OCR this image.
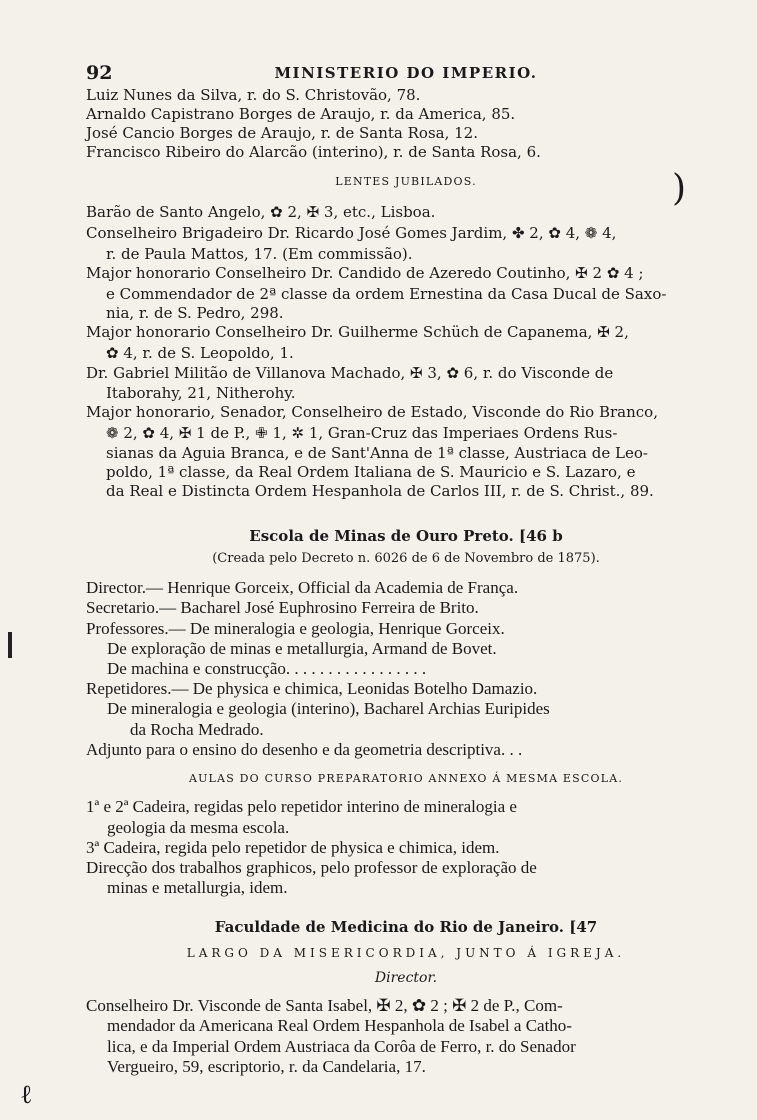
92	MINISTERIO DO IMPERIO.
Luiz Nunes da Silva, r. do S. Christovão, 78.
Arnaldo Capistrano Borges de Araujo, r. da America, 85.
José Cancio Borges de Araujo, r. de Santa Rosa, 12.
Francisco Ribeiro do Alarcão (interino), r. de Santa Rosa, 6.
LENTES JUBILADOS.	)
Barão de Santo Angelo, ✿ 2, ✠ 3, etc., Lisboa.
Conselheiro Brigadeiro Dr. Ricardo José Gomes Jardim, ✤ 2, ✿ 4, ❁ 4,
r. de Paula Mattos, 17. (Em commissão).
Major honorario Conselheiro Dr. Candido de Azeredo Coutinho, ✠ 2 ✿ 4 ;
e Commendador de 2ª classe da ordem Ernestina da Casa Ducal de Saxo-
nia, r. de S. Pedro, 298.
Major honorario Conselheiro Dr. Guilherme Schüch de Capanema, ✠ 2,
✿ 4, r. de S. Leopoldo, 1.
Dr. Gabriel Militão de Villanova Machado, ✠ 3, ✿ 6, r. do Visconde de
Itaborahy, 21, Nitherohy.
Major honorario, Senador, Conselheiro de Estado, Visconde do Rio Branco,
❁ 2, ✿ 4, ✠ 1 de P., ✙ 1, ✲ 1, Gran-Cruz das Imperiaes Ordens Rus-
sianas da Aguia Branca, e de Sant'Anna de 1ª classe, Austriaca de Leo-
poldo, 1ª classe, da Real Ordem Italiana de S. Mauricio e S. Lazaro, e
da Real e Distincta Ordem Hespanhola de Carlos III, r. de S. Christ., 89.
Escola de Minas de Ouro Preto. [46 b
(Creada pelo Decreto n. 6026 de 6 de Novembro de 1875).
Director.— Henrique Gorceix, Official da Academia de França.
Secretario.— Bacharel José Euphrosino Ferreira de Brito.
Professores.— De mineralogia e geologia, Henrique Gorceix.
De exploração de minas e metallurgia, Armand de Bovet.
De machina e construcção. . . . . . . . . . . . . . . . .
Repetidores.— De physica e chimica, Leonidas Botelho Damazio.
De mineralogia e geologia (interino), Bacharel Archias Euripides
da Rocha Medrado.
Adjunto para o ensino do desenho e da geometria descriptiva. . .
AULAS DO CURSO PREPARATORIO ANNEXO Á MESMA ESCOLA.
1ª e 2ª Cadeira, regidas pelo repetidor interino de mineralogia e
geologia da mesma escola.
3ª Cadeira, regida pelo repetidor de physica e chimica, idem.
Direcção dos trabalhos graphicos, pelo professor de exploração de
minas e metallurgia, idem.
Faculdade de Medicina do Rio de Janeiro. [47
LARGO DA MISERICORDIA, JUNTO Á IGREJA.
Director.
Conselheiro Dr. Visconde de Santa Isabel, ✠ 2, ✿ 2 ; ✠ 2 de P., Com-
mendador da Americana Real Ordem Hespanhola de Isabel a Catho-
lica, e da Imperial Ordem Austriaca da Corôa de Ferro, r. do Senador
Vergueiro, 59, escriptorio, r. da Candelaria, 17.
ℓ
